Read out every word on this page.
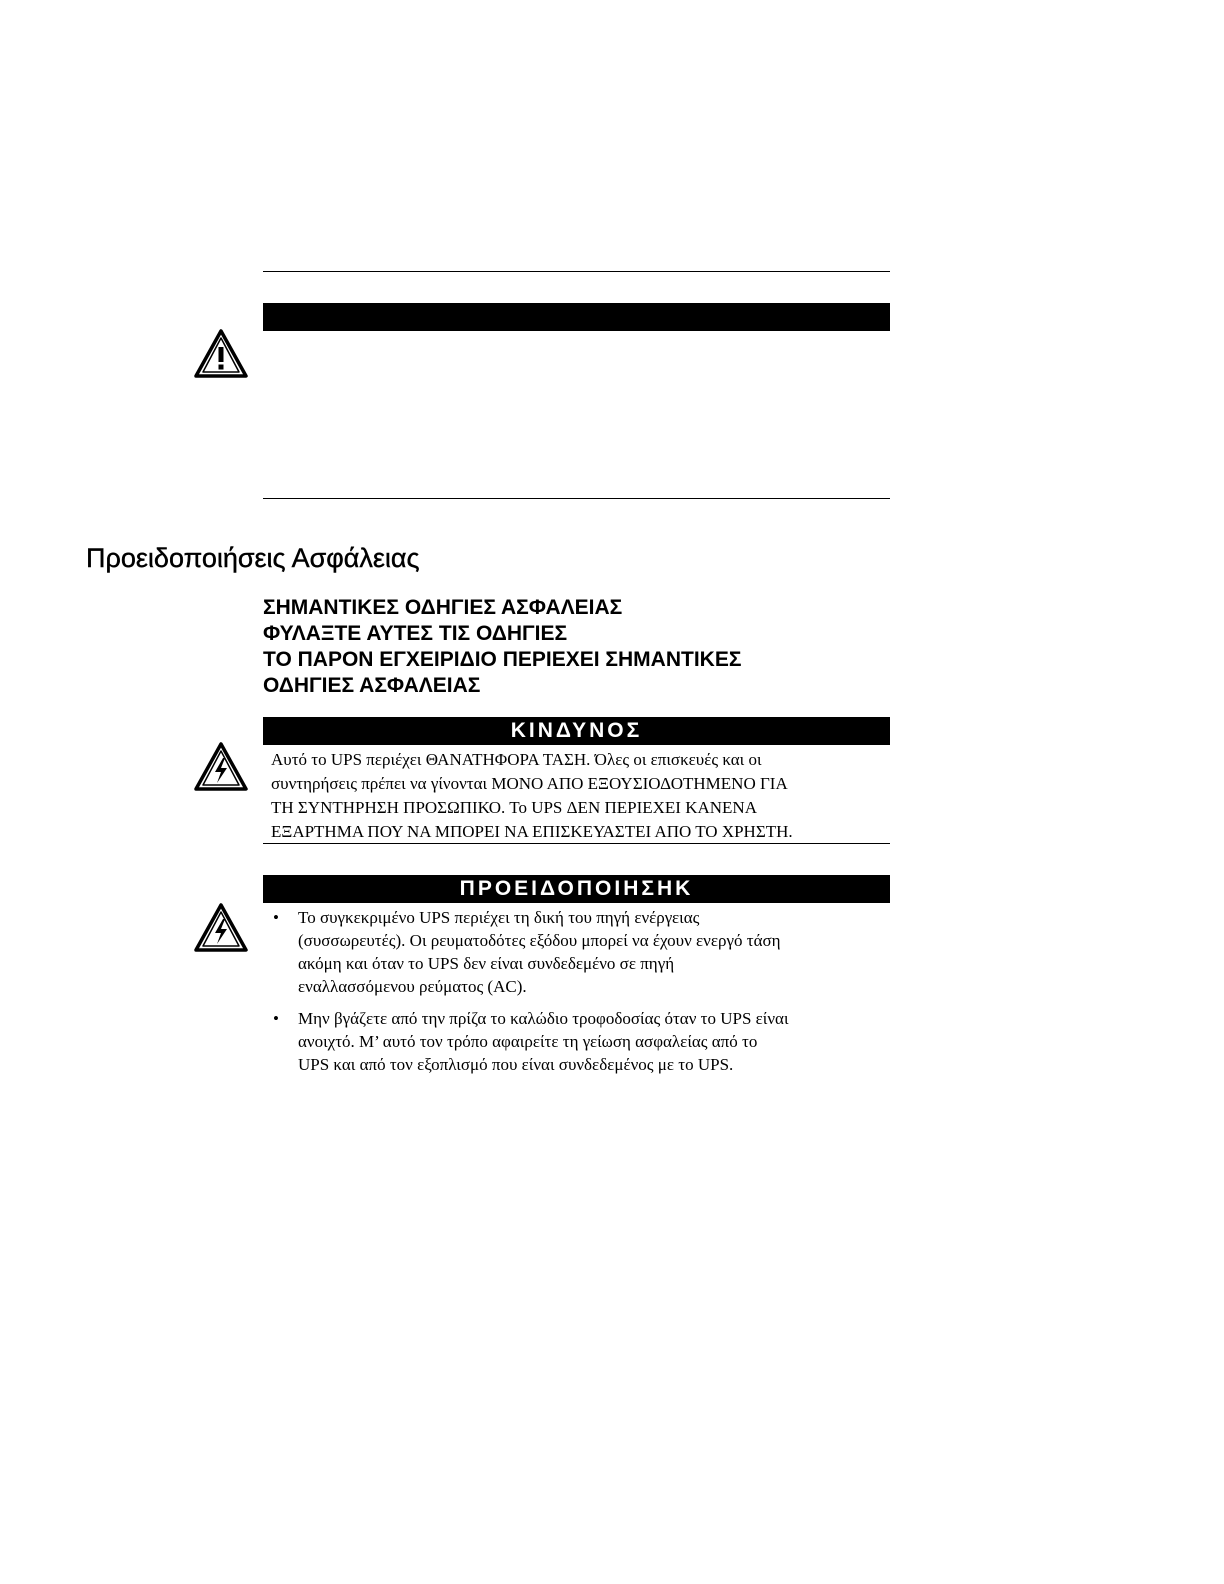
Προειδοποιήσεις Ασφάλειας
ΣΗΜΑΝΤΙΚΕΣ ΟΔΗΓΙΕΣ ΑΣΦΑΛΕΙΑΣ
ΦΥΛΑΞΤΕ ΑΥΤΕΣ ΤΙΣ ΟΔΗΓΙΕΣ
ΤΟ ΠΑΡΟΝ ΕΓΧΕΙΡΙΔΙΟ ΠΕΡΙΕΧΕΙ ΣΗΜΑΝΤΙΚΕΣ
ΟΔΗΓΙΕΣ ΑΣΦΑΛΕΙΑΣ
ΚΙΝΔΥΝΟΣ
Αυτό το UPS περιέχει ΘΑΝΑΤΗΦΟΡΑ ΤΑΣΗ. Όλες οι επισκευές και οι
συντηρήσεις πρέπει να γίνονται ΜΟΝΟ ΑΠΟ ΕΞΟΥΣΙΟΔΟΤΗΜΕΝΟ ΓΙΑ
ΤΗ ΣΥΝΤΗΡΗΣΗ ΠΡΟΣΩΠΙΚΟ. Το UPS ΔΕΝ ΠΕΡΙΕΧΕΙ ΚΑΝΕΝΑ
ΕΞΑΡΤΗΜΑ ΠΟΥ ΝΑ ΜΠΟΡΕΙ ΝΑ ΕΠΙΣΚΕΥΑΣΤΕΙ ΑΠΟ ΤΟ ΧΡΗΣΤΗ.
ΠΡΟΕΙΔΟΠΟΙΗΣΗΚ
• Το συγκεκριμένο UPS περιέχει τη δική του πηγή ενέργειας
(συσσωρευτές). Οι ρευματοδότες εξόδου μπορεί να έχουν ενεργό τάση
ακόμη και όταν το UPS δεν είναι συνδεδεμένο σε πηγή
εναλλασσόμενου ρεύματος (AC).
• Μην βγάζετε από την πρίζα το καλώδιο τροφοδοσίας όταν το UPS είναι
ανοιχτό. Μ’ αυτό τον τρόπο αφαιρείτε τη γείωση ασφαλείας από το
UPS και από τον εξοπλισμό που είναι συνδεδεμένος με το UPS.
